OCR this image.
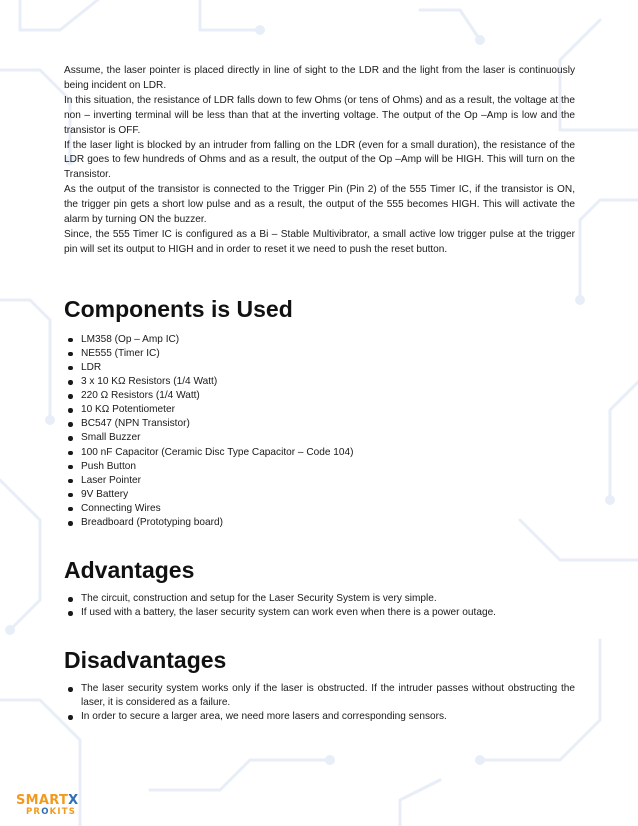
Assume, the laser pointer is placed directly in line of sight to the LDR and the light from the laser is continuously being incident on LDR.

In this situation, the resistance of LDR falls down to few Ohms (or tens of Ohms) and as a result, the voltage at the non – inverting terminal will be less than that at the inverting voltage. The output of the Op –Amp is low and the transistor is OFF.

If the laser light is blocked by an intruder from falling on the LDR (even for a small duration), the resistance of the LDR goes to few hundreds of Ohms and as a result, the output of the Op –Amp will be HIGH. This will turn on the Transistor.

As the output of the transistor is connected to the Trigger Pin (Pin 2) of the 555 Timer IC, if the transistor is ON, the trigger pin gets a short low pulse and as a result, the output of the 555 becomes HIGH. This will activate the alarm by turning ON the buzzer.

Since, the 555 Timer IC is configured as a Bi – Stable Multivibrator, a small active low trigger pulse at the trigger pin will set its output to HIGH and in order to reset it we need to push the reset button.

Components is Used
LM358 (Op – Amp IC)
NE555 (Timer IC)
LDR
3 x 10 KΩ Resistors (1/4 Watt)
220 Ω Resistors (1/4 Watt)
10 KΩ Potentiometer
BC547 (NPN Transistor)
Small Buzzer
100 nF Capacitor (Ceramic Disc Type Capacitor – Code 104)
Push Button
Laser Pointer
9V Battery
Connecting Wires
Breadboard (Prototyping board)
Advantages
The circuit, construction and setup for the Laser Security System is very simple.
If used with a battery, the laser security system can work even when there is a power outage.
Disadvantages
The laser security system works only if the laser is obstructed. If the intruder passes without obstructing the laser, it is considered as a failure.
In order to secure a larger area, we need more lasers and corresponding sensors.
SMARTX
PROKITS
